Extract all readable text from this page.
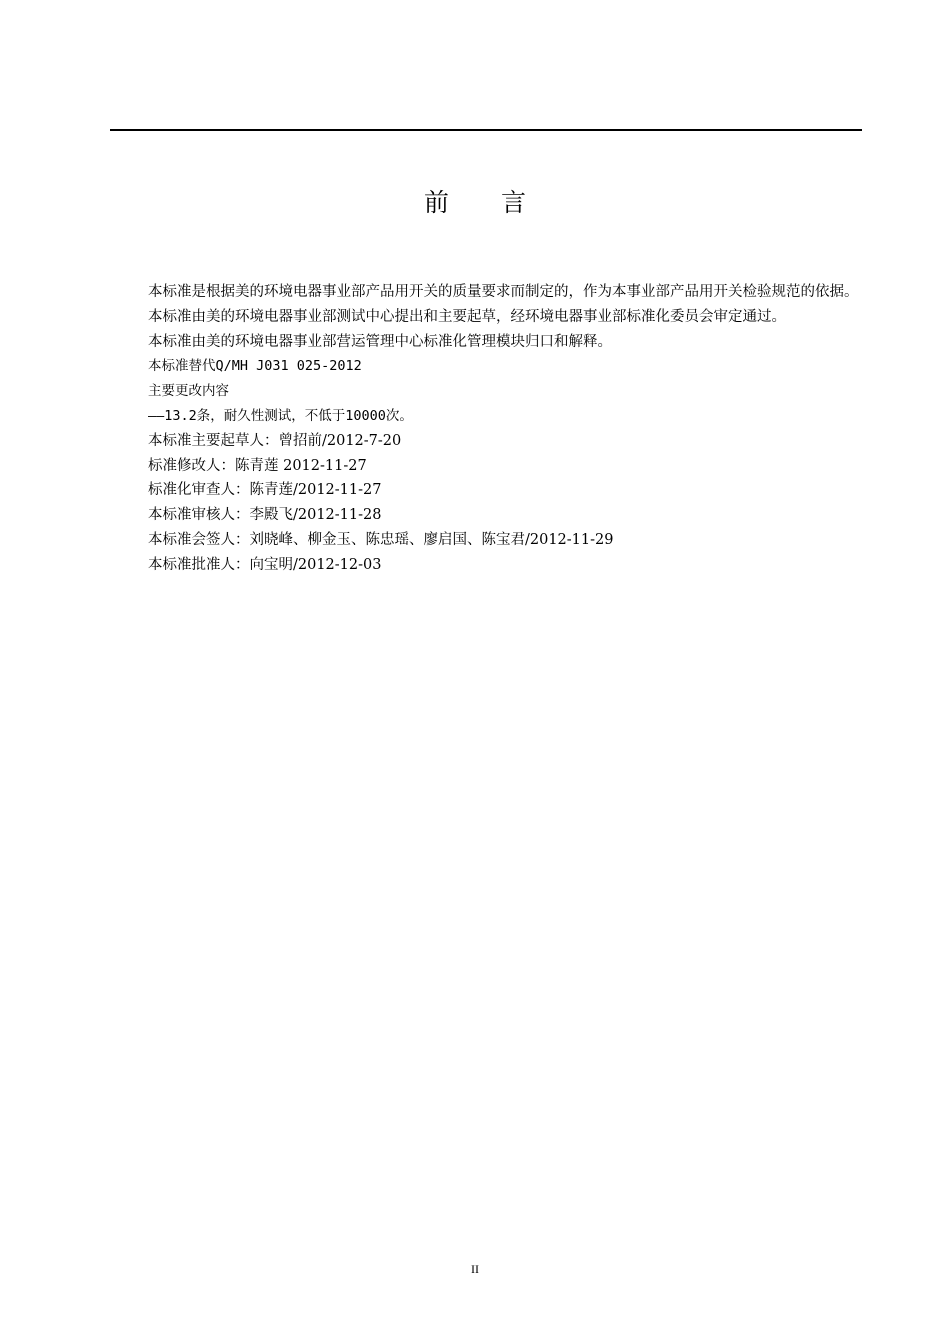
前 言

本标准是根据美的环境电器事业部产品用开关的质量要求而制定的，作为本事业部产品用开关检验规范的依据。

本标准由美的环境电器事业部测试中心提出和主要起草，经环境电器事业部标准化委员会审定通过。

本标准由美的环境电器事业部营运管理中心标准化管理模块归口和解释。

本标准替代Q/MH J031 025-2012

主要更改内容

——13.2条，耐久性测试，不低于10000次。

本标准主要起草人：曾招前/2012-7-20

标准修改人：陈青莲 2012-11-27

标准化审查人：陈青莲/2012-11-27

本标准审核人：李殿飞/2012-11-28

本标准会签人：刘晓峰、柳金玉、陈忠瑶、廖启国、陈宝君/2012-11-29

本标准批准人：向宝明/2012-12-03

II
